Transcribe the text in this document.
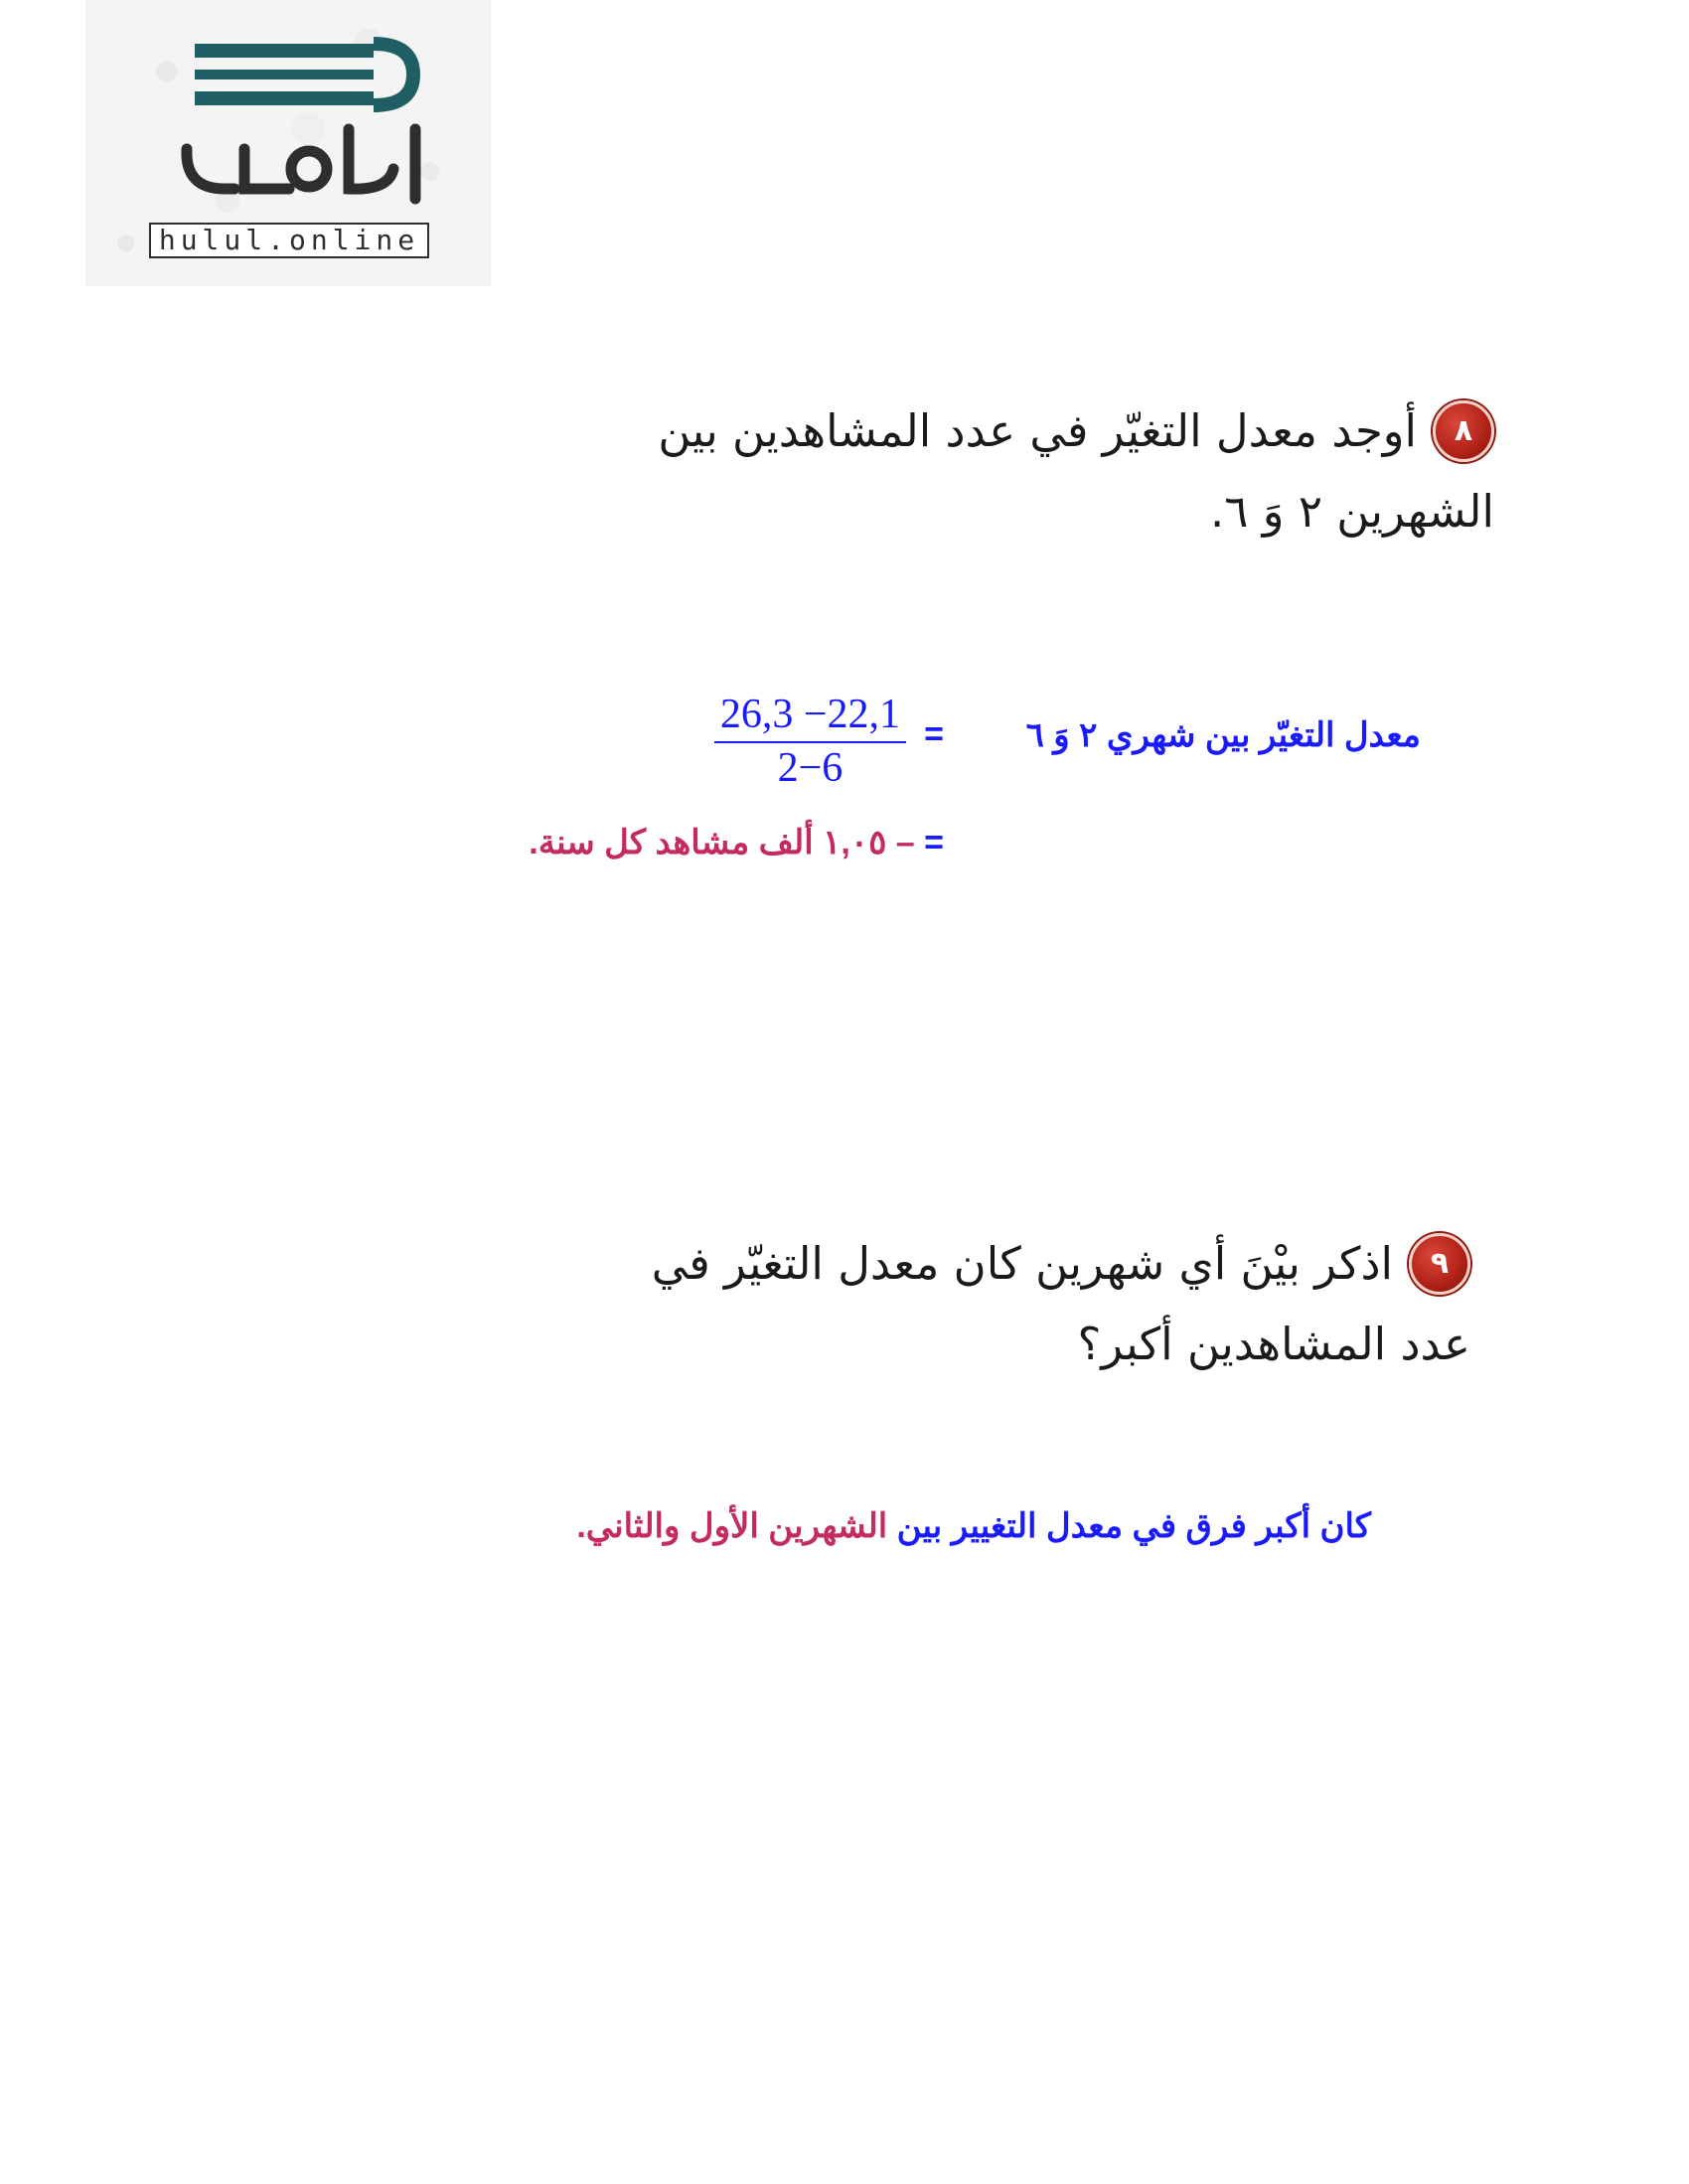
hulul.online
٨أوجد معدل التغيّر في عدد المشاهدين بين الشهرين ٢ وَ ٦.
معدل التغيّر بين شهري ٢ وَ ٦
=
$\frac{26,3 -22,1}{2-6}$
= – ١,٠٥ ألف مشاهد كل سنة.
٩اذكر بيْنَ أي شهرين كان معدل التغيّر في عدد المشاهدين أكبر؟
كان أكبر فرق في معدل التغيير بين الشهرين الأول والثاني.
